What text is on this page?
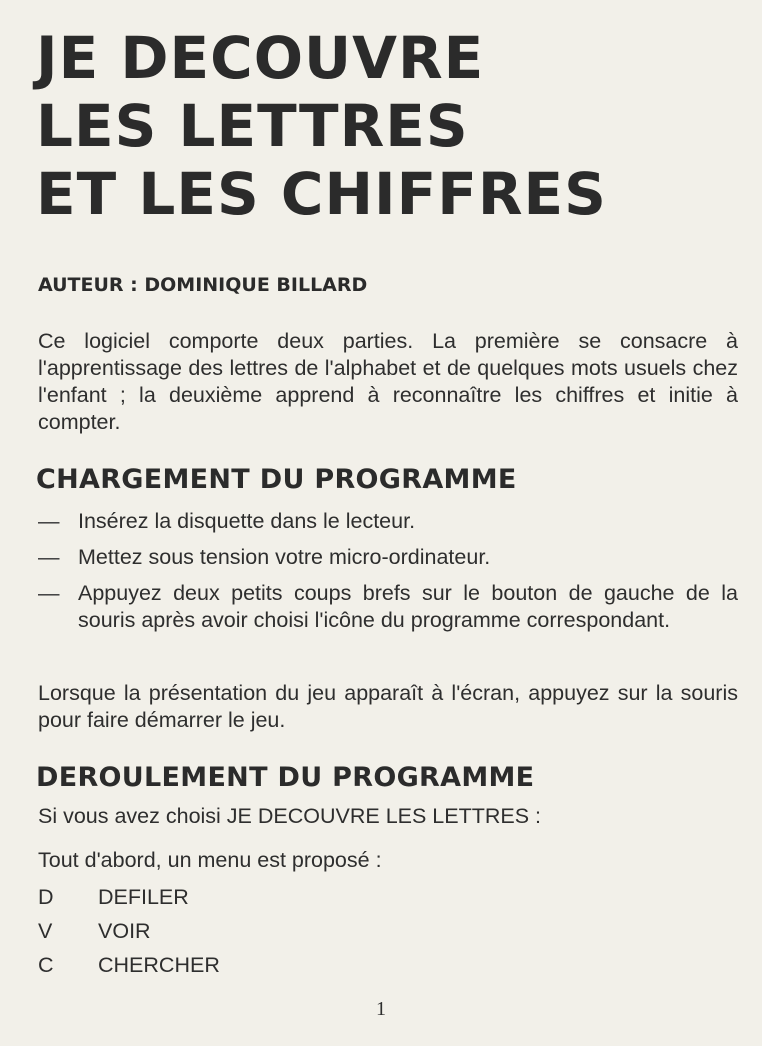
JE DECOUVRE
LES LETTRES
ET LES CHIFFRES
AUTEUR : DOMINIQUE BILLARD

Ce logiciel comporte deux parties. La première se consacre à l'apprentissage des lettres de l'alphabet et de quelques mots usuels chez l'enfant ; la deuxième apprend à reconnaître les chiffres et initie à compter.

CHARGEMENT DU PROGRAMME
— Insérez la disquette dans le lecteur.
— Mettez sous tension votre micro-ordinateur.
— Appuyez deux petits coups brefs sur le bouton de gauche de la souris après avoir choisi l'icône du programme correspondant.

Lorsque la présentation du jeu apparaît à l'écran, appuyez sur la souris pour faire démarrer le jeu.

DEROULEMENT DU PROGRAMME
Si vous avez choisi JE DECOUVRE LES LETTRES :
Tout d'abord, un menu est proposé :
D	DEFILER
V	VOIR
C	CHERCHER
1
